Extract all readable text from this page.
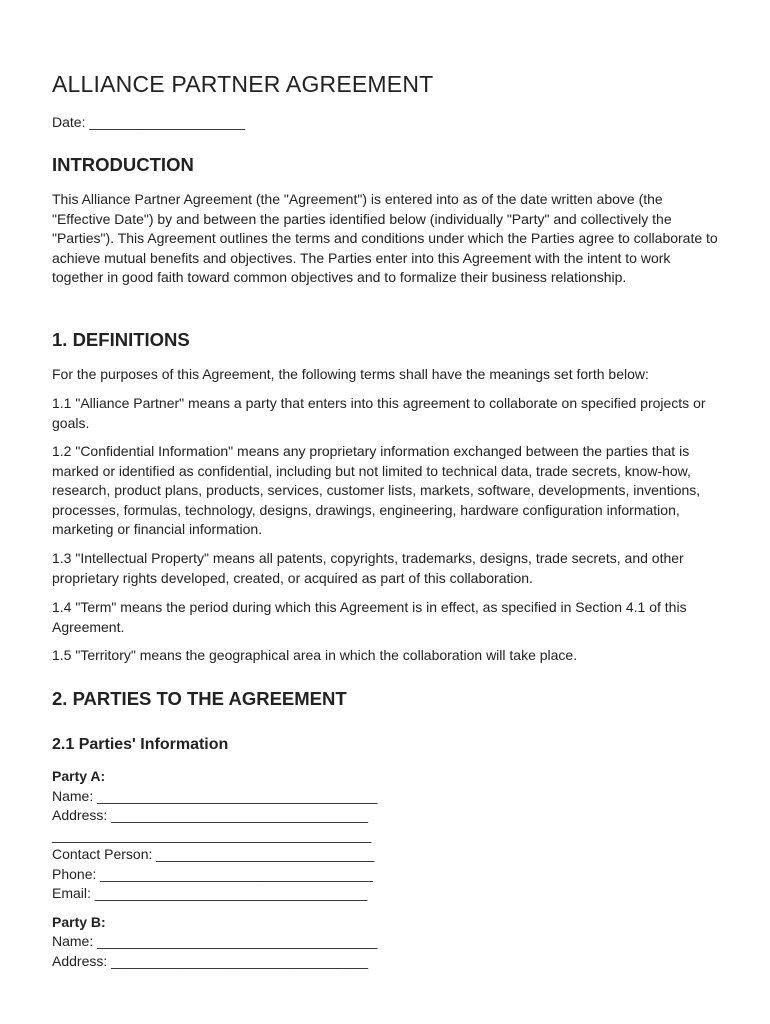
ALLIANCE PARTNER AGREEMENT
Date: ____________________
INTRODUCTION

This Alliance Partner Agreement (the "Agreement") is entered into as of the date written above (the "Effective Date") by and between the parties identified below (individually "Party" and collectively the "Parties"). This Agreement outlines the terms and conditions under which the Parties agree to collaborate to achieve mutual benefits and objectives. The Parties enter into this Agreement with the intent to work together in good faith toward common objectives and to formalize their business relationship.

1. DEFINITIONS

For the purposes of this Agreement, the following terms shall have the meanings set forth below:

1.1 "Alliance Partner" means a party that enters into this agreement to collaborate on specified projects or goals.

1.2 "Confidential Information" means any proprietary information exchanged between the parties that is marked or identified as confidential, including but not limited to technical data, trade secrets, know-how, research, product plans, products, services, customer lists, markets, software, developments, inventions, processes, formulas, technology, designs, drawings, engineering, hardware configuration information, marketing or financial information.

1.3 "Intellectual Property" means all patents, copyrights, trademarks, designs, trade secrets, and other proprietary rights developed, created, or acquired as part of this collaboration.

1.4 "Term" means the period during which this Agreement is in effect, as specified in Section 4.1 of this Agreement.

1.5 "Territory" means the geographical area in which the collaboration will take place.

2. PARTIES TO THE AGREEMENT
2.1 Parties' Information
Party A:
Name: ____________________________________
Address: _________________________________
_________________________________________
Contact Person: ____________________________
Phone: ___________________________________
Email: ___________________________________
Party B:
Name: ____________________________________
Address: _________________________________
